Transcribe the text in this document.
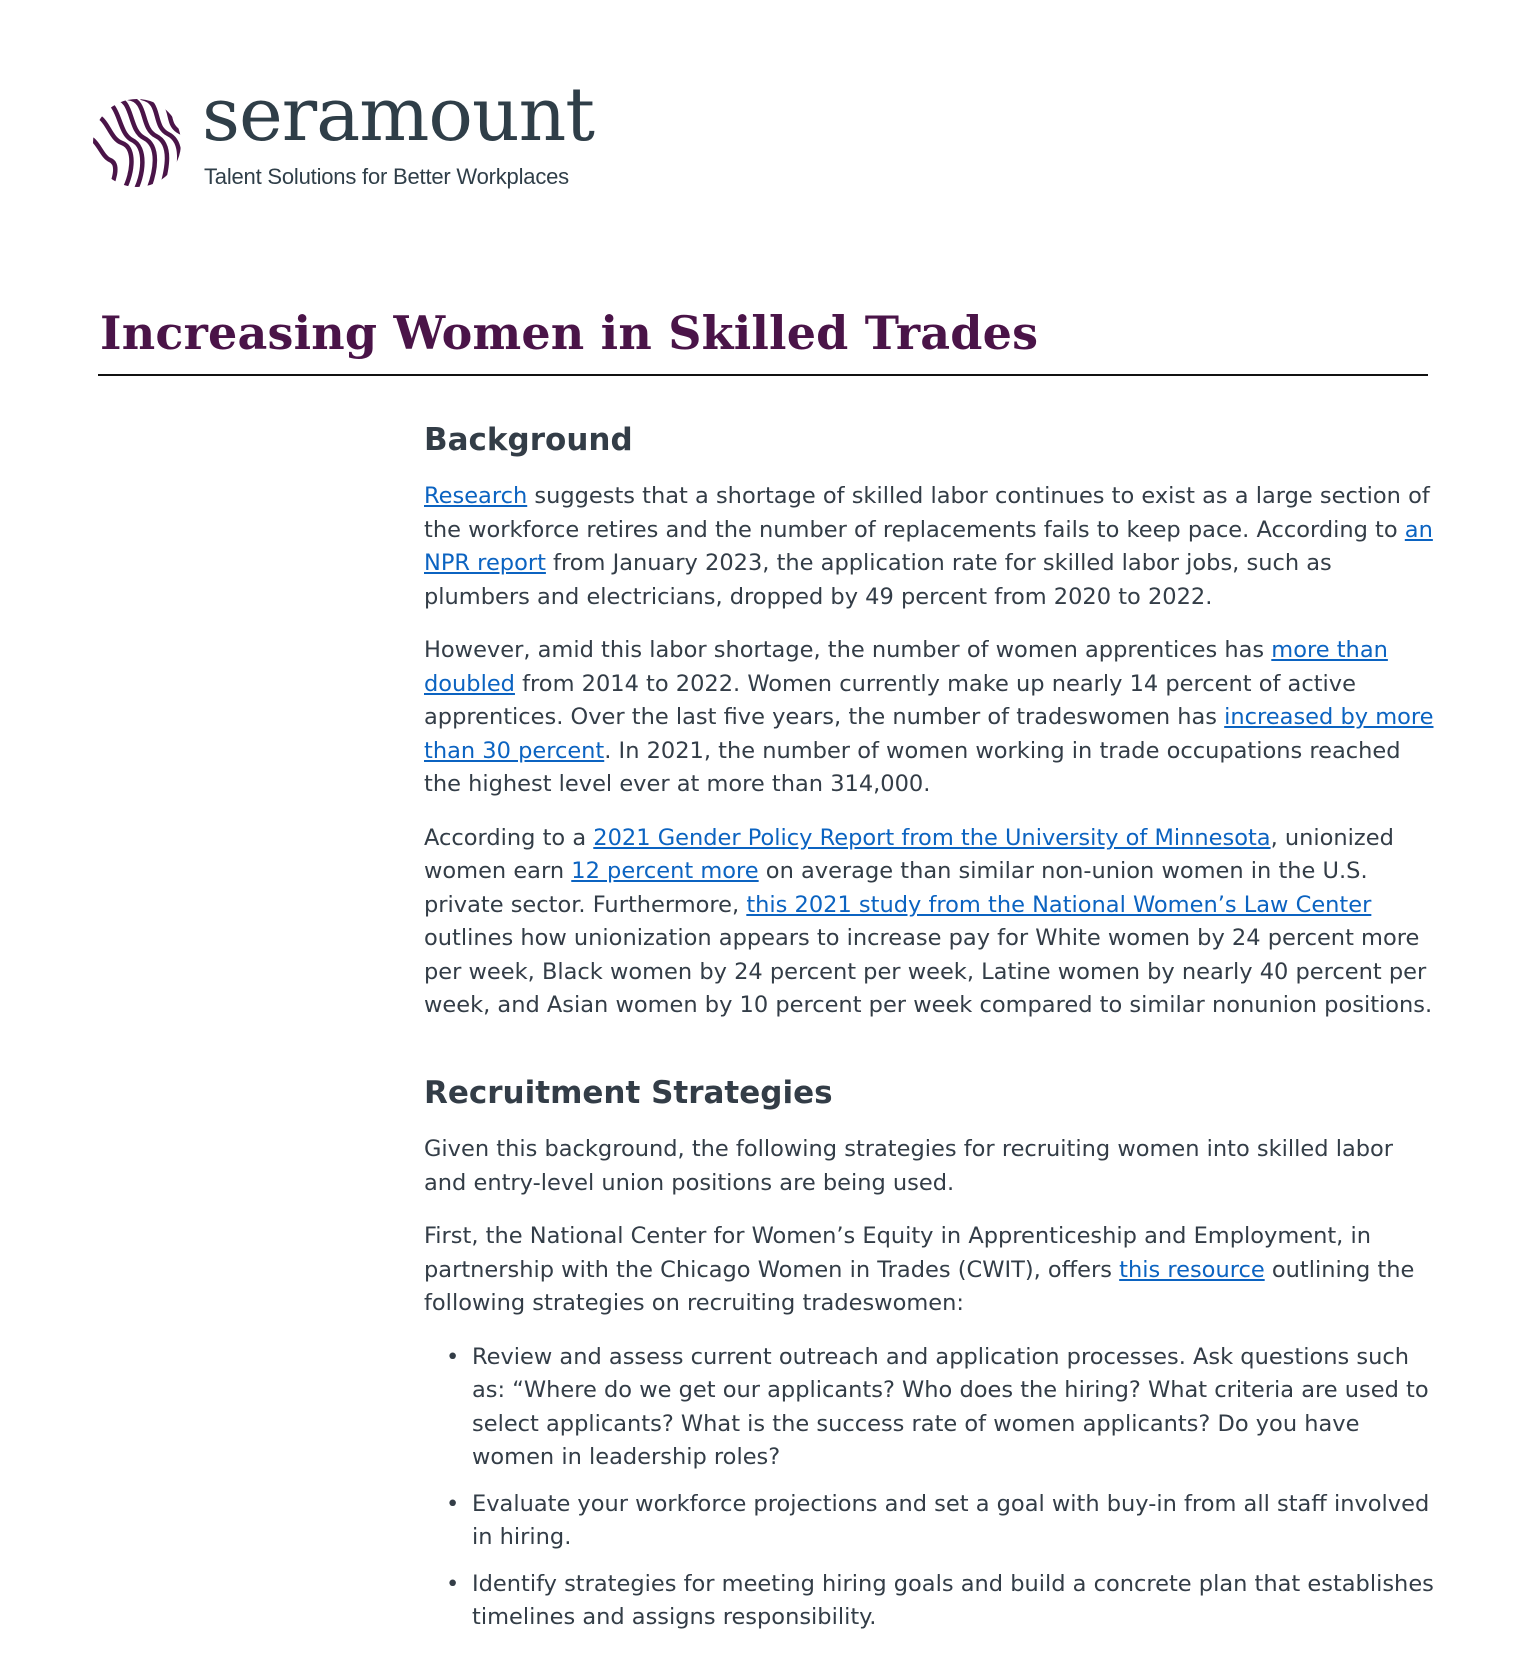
seramount
Talent Solutions for Better Workplaces
Increasing Women in Skilled Trades
Background

Research suggests that a shortage of skilled labor continues to exist as a large section of the workforce retires and the number of replacements fails to keep pace. According to an NPR report from January 2023, the application rate for skilled labor jobs, such as plumbers and electricians, dropped by 49 percent from 2020 to 2022.

However, amid this labor shortage, the number of women apprentices has more than doubled from 2014 to 2022. Women currently make up nearly 14 percent of active apprentices. Over the last five years, the number of tradeswomen has increased by more than 30 percent. In 2021, the number of women working in trade occupations reached the highest level ever at more than 314,000.

According to a 2021 Gender Policy Report from the University of Minnesota, unionized women earn 12 percent more on average than similar non-union women in the U.S. private sector. Furthermore, this 2021 study from the National Women’s Law Center outlines how unionization appears to increase pay for White women by 24 percent more per week, Black women by 24 percent per week, Latine women by nearly 40 percent per week, and Asian women by 10 percent per week compared to similar nonunion positions.

Recruitment Strategies

Given this background, the following strategies for recruiting women into skilled labor and entry-level union positions are being used.

First, the National Center for Women’s Equity in Apprenticeship and Employment, in partnership with the Chicago Women in Trades (CWIT), offers this resource outlining the following strategies on recruiting tradeswomen:

• Review and assess current outreach and application processes. Ask questions such as: “Where do we get our applicants? Who does the hiring? What criteria are used to select applicants? What is the success rate of women applicants? Do you have women in leadership roles?
• Evaluate your workforce projections and set a goal with buy-in from all staff involved in hiring.
• Identify strategies for meeting hiring goals and build a concrete plan that establishes timelines and assigns responsibility.
